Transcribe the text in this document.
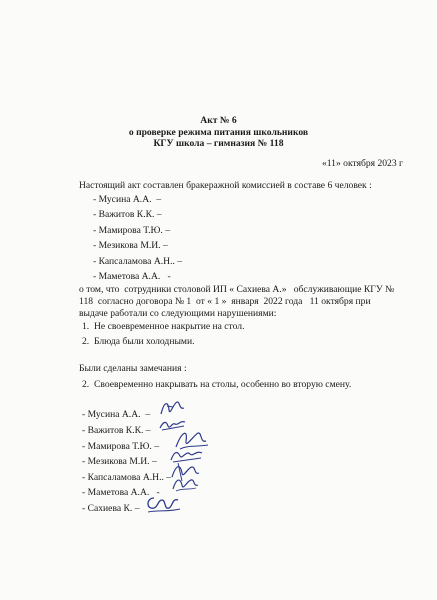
Акт № 6
о проверке режима питания школьников
КГУ школа – гимназия № 118
«11» октября 2023 г
Настоящий акт составлен бракеражной комиссией в составе 6 человек :
- Мусина А.А.  –
- Важитов К.К. –
- Мамирова Т.Ю. –
- Мезикова М.И. –
- Капсаламова А.Н.. –
- Маметова А.А.   -
о том, что  сотрудники столовой ИП « Сахиева А.»   обслуживающие КГУ №
118  согласно договора № 1  от « 1 »  января  2022 года   11 октября при
выдаче работали со следующими нарушениями:
1.  Не своевременное накрытие на стол.
2.  Блюда были холодными.
Были сделаны замечания :
2.  Своевременно накрывать на столы, особенно во вторую смену.
- Мусина А.А.  –
- Важитов К.К. –
- Мамирова Т.Ю. –
- Мезикова М.И. –
- Капсаламова А.Н.. –
- Маметова А.А.   -
- Сахиева К. –
